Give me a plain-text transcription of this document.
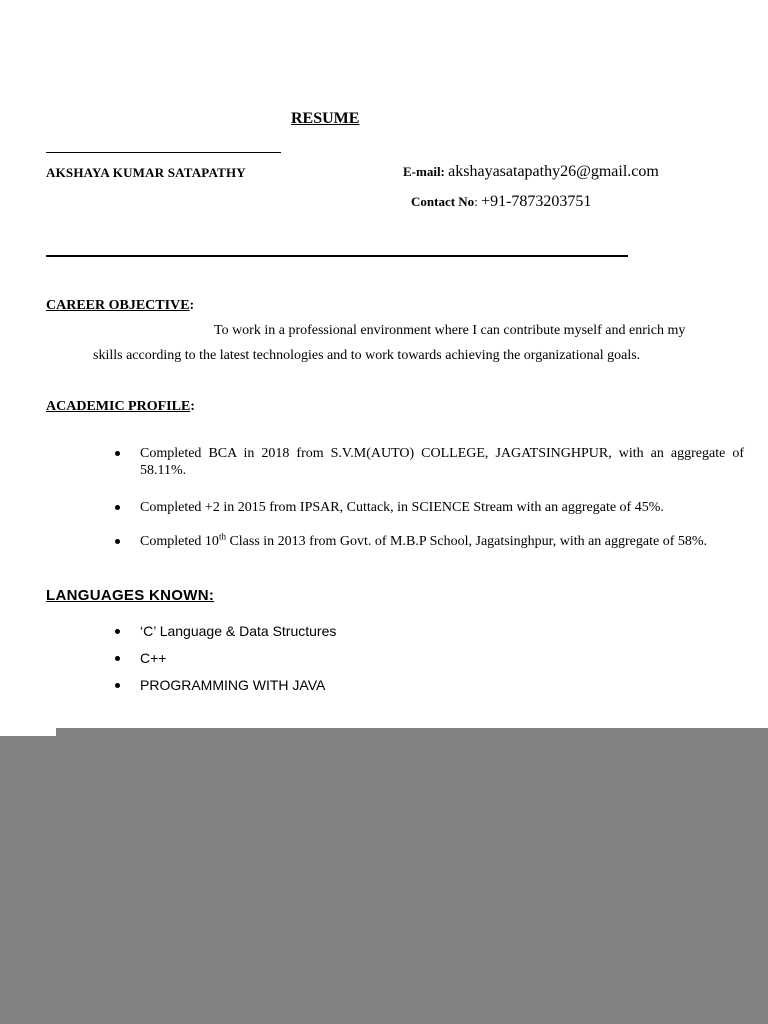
RESUME
AKSHAYA KUMAR SATAPATHY	E-mail: akshayasatapathy26@gmail.com
Contact No: +91-7873203751
CAREER OBJECTIVE:
To work in a professional environment where I can contribute myself and enrich my
skills according to the latest technologies and to work towards achieving the organizational goals.
ACADEMIC PROFILE:
Completed BCA in 2018 from S.V.M(AUTO) COLLEGE, JAGATSINGHPUR, with an aggregate of 58.11%.
Completed +2 in 2015 from IPSAR, Cuttack, in SCIENCE Stream with an aggregate of 45%.
Completed 10th Class in 2013 from Govt. of M.B.P School, Jagatsinghpur, with an aggregate of 58%.
LANGUAGES KNOWN:
‘C’ Language & Data Structures
C++
PROGRAMMING WITH JAVA
